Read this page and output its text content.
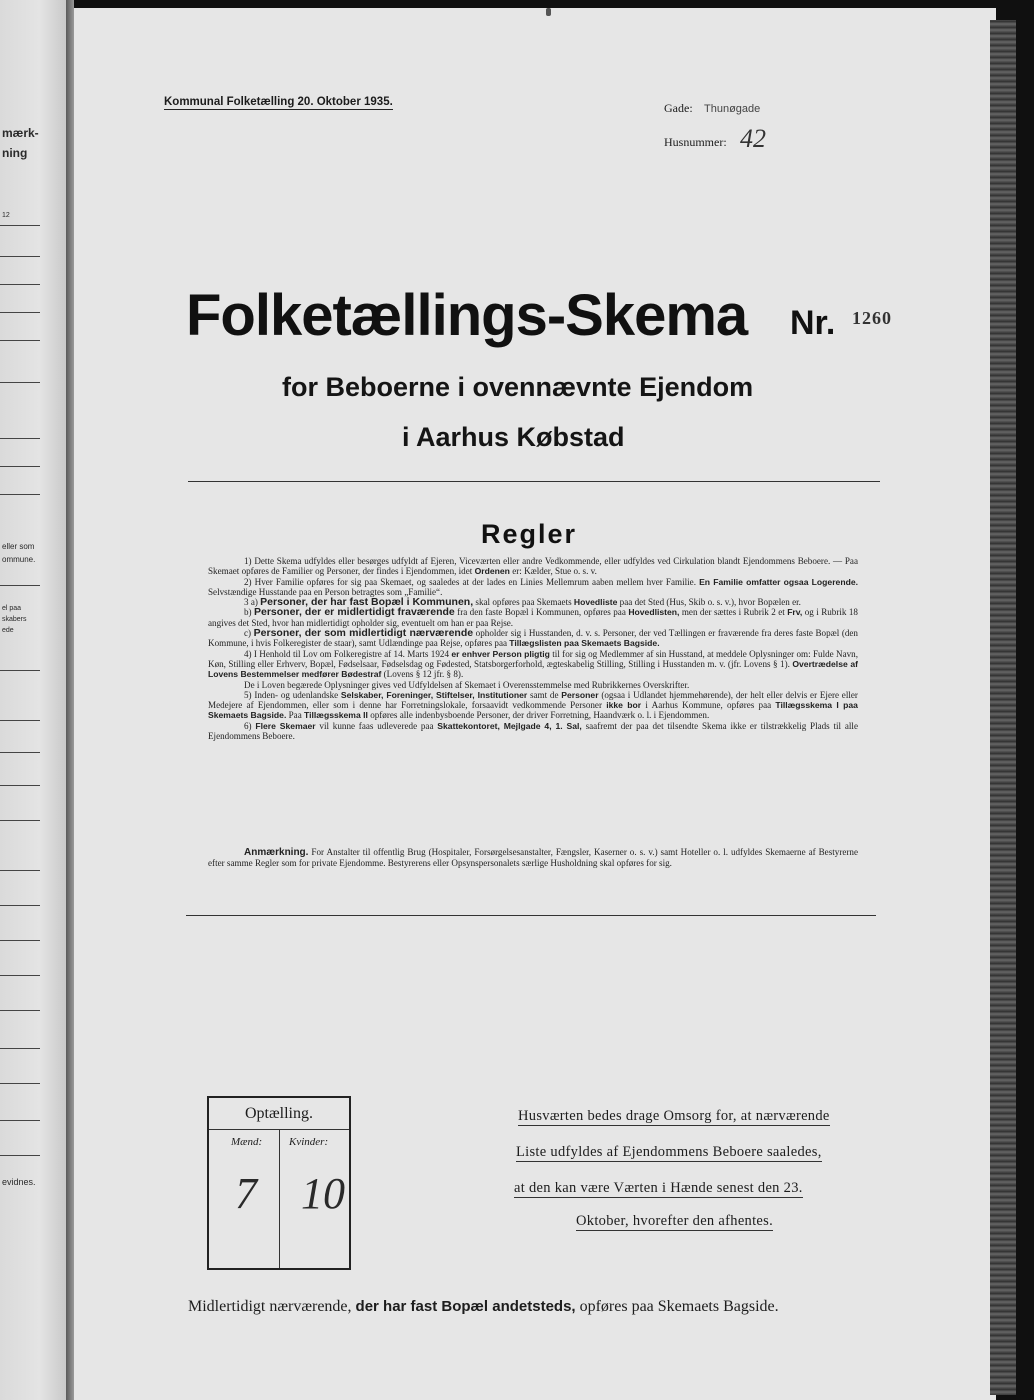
mærk-
ning
12
eller som
ommune.
el paa
skabers
ede
evidnes.
Kommunal Folketælling 20. Oktober 1935.	Gade: Thunøgade
Husnummer: 42
Folketællings-Skema Nr. 1260
for Beboerne i ovennævnte Ejendom
i Aarhus Købstad
Regler

1) Dette Skema udfyldes eller besørges udfyldt af Ejeren, Viceværten eller andre Vedkommende, eller udfyldes ved Cirkulation blandt Ejendommens Beboere. — Paa Skemaet opføres de Familier og Personer, der findes i Ejendommen, idet Ordenen er: Kælder, Stue o. s. v.

2) Hver Familie opføres for sig paa Skemaet, og saaledes at der lades en Linies Mellemrum aaben mellem hver Familie. En Familie omfatter ogsaa Logerende. Selvstændige Husstande paa en Person betragtes som „Familie“.

3 a) Personer, der har fast Bopæl i Kommunen, skal opføres paa Skemaets Hovedliste paa det Sted (Hus, Skib o. s. v.), hvor Bopælen er.

b) Personer, der er midlertidigt fraværende fra den faste Bopæl i Kommunen, opføres paa Hovedlisten, men der sættes i Rubrik 2 et Frv, og i Rubrik 18 angives det Sted, hvor han midlertidigt opholder sig, eventuelt om han er paa Rejse.

c) Personer, der som midlertidigt nærværende opholder sig i Husstanden, d. v. s. Personer, der ved Tællingen er fraværende fra deres faste Bopæl (den Kommune, i hvis Folkeregister de staar), samt Udlændinge paa Rejse, opføres paa Tillægslisten paa Skemaets Bagside.

4) I Henhold til Lov om Folkeregistre af 14. Marts 1924 er enhver Person pligtig til for sig og Medlemmer af sin Husstand, at meddele Oplysninger om: Fulde Navn, Køn, Stilling eller Erhverv, Bopæl, Fødselsaar, Fødselsdag og Fødested, Statsborgerforhold, ægteskabelig Stilling, Stilling i Husstanden m. v. (jfr. Lovens § 1). Overtrædelse af Lovens Bestemmelser medfører Bødestraf (Lovens § 12 jfr. § 8).

De i Loven begærede Oplysninger gives ved Udfyldelsen af Skemaet i Overensstemmelse med Rubrikkernes Overskrifter.

5) Inden- og udenlandske Selskaber, Foreninger, Stiftelser, Institutioner samt de Personer (ogsaa i Udlandet hjemmehørende), der helt eller delvis er Ejere eller Medejere af Ejendommen, eller som i denne har Forretningslokale, forsaavidt vedkommende Personer ikke bor i Aarhus Kommune, opføres paa Tillægsskema I paa Skemaets Bagside. Paa Tillægsskema II opføres alle indenbysboende Personer, der driver Forretning, Haandværk o. l. i Ejendommen.

6) Flere Skemaer vil kunne faas udleverede paa Skattekontoret, Mejlgade 4, 1. Sal, saafremt der paa det tilsendte Skema ikke er tilstrækkelig Plads til alle Ejendommens Beboere.

Anmærkning. For Anstalter til offentlig Brug (Hospitaler, Forsørgelsesanstalter, Fængsler, Kaserner o. s. v.) samt Hoteller o. l. udfyldes Skemaerne af Bestyrerne efter samme Regler som for private Ejendomme. Bestyrerens eller Opsynspersonalets særlige Husholdning skal opføres for sig.

Optælling.
Mænd: Kvinder:
7 10
Husværten bedes drage Omsorg for, at nærværende
Liste udfyldes af Ejendommens Beboere saaledes,
at den kan være Værten i Hænde senest den 23.
Oktober, hvorefter den afhentes.
Midlertidigt nærværende, der har fast Bopæl andetsteds, opføres paa Skemaets Bagside.
